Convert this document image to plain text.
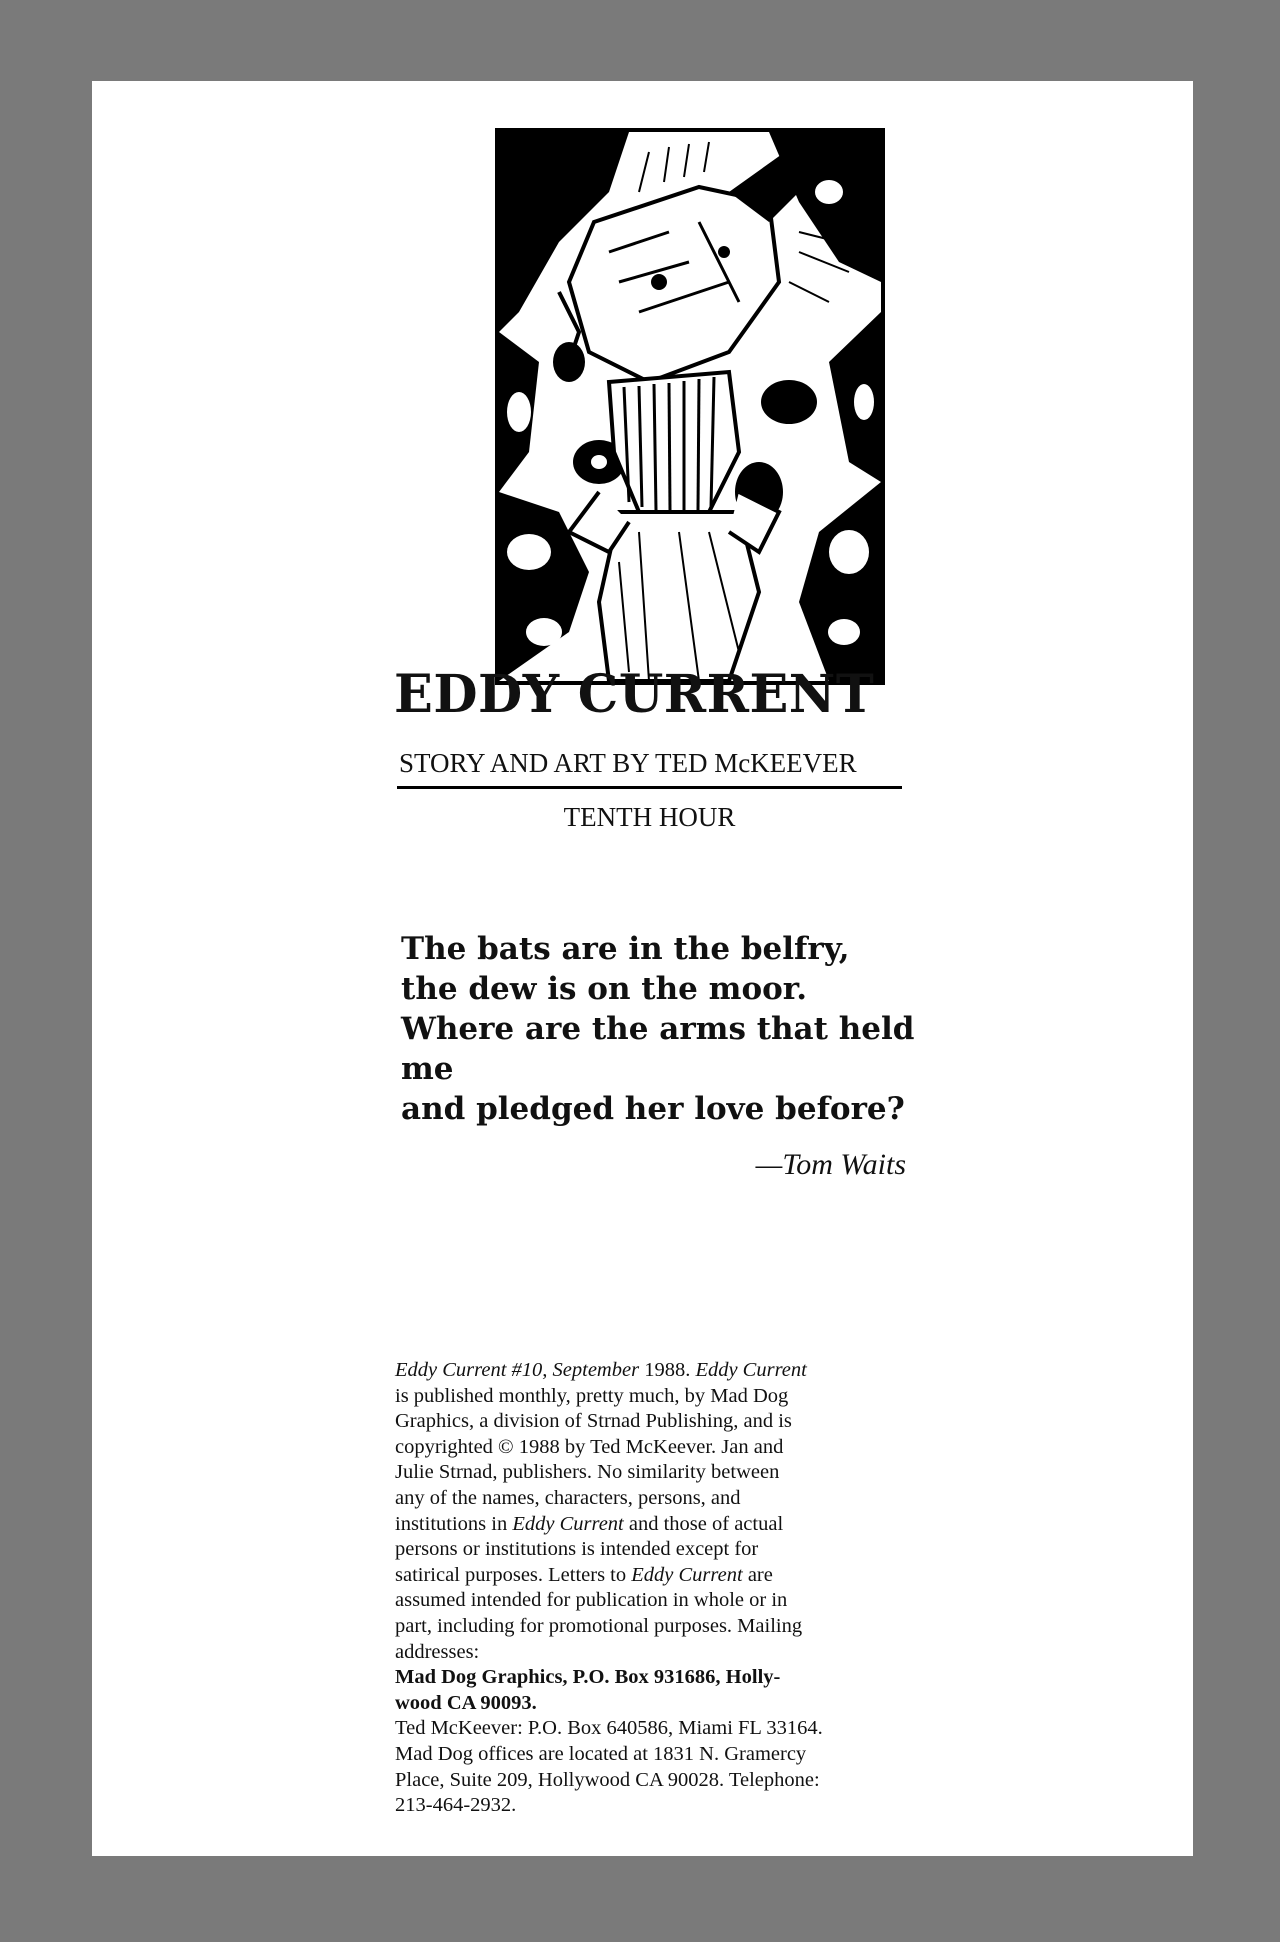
EDDY CURRENT
STORY AND ART BY TED McKEEVER
TENTH HOUR
The bats are in the belfry,
the dew is on the moor.
Where are the arms that held
me
and pledged her love before?
—Tom Waits
Eddy Current #10, September 1988. Eddy Current
is published monthly, pretty much, by Mad Dog
Graphics, a division of Strnad Publishing, and is
copyrighted © 1988 by Ted McKeever. Jan and
Julie Strnad, publishers. No similarity between
any of the names, characters, persons, and
institutions in Eddy Current and those of actual
persons or institutions is intended except for
satirical purposes. Letters to Eddy Current are
assumed intended for publication in whole or in
part, including for promotional purposes. Mailing
addresses:
Mad Dog Graphics, P.O. Box 931686, Holly-
wood CA 90093.
Ted McKeever: P.O. Box 640586, Miami FL 33164.
Mad Dog offices are located at 1831 N. Gramercy
Place, Suite 209, Hollywood CA 90028. Telephone:
213-464-2932.
